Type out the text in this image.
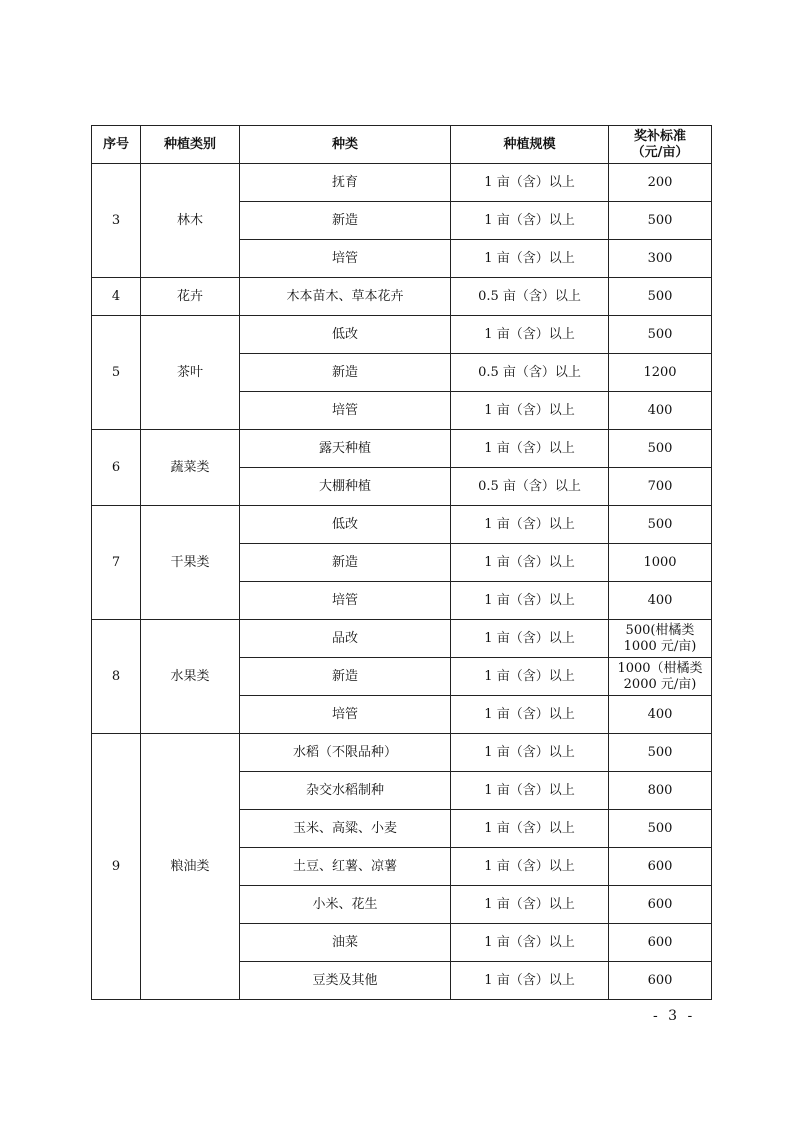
序号	种植类别	种类	种植规模	奖补标准
（元/亩）

3	林木	抚育	1 亩（含）以上	200
		新造	1 亩（含）以上	500
		培管	1 亩（含）以上	300
4	花卉	木本苗木、草本花卉	0.5 亩（含）以上	500
5	茶叶	低改	1 亩（含）以上	500
		新造	0.5 亩（含）以上	1200
		培管	1 亩（含）以上	400
6	蔬菜类	露天种植	1 亩（含）以上	500
		大棚种植	0.5 亩（含）以上	700
7	干果类	低改	1 亩（含）以上	500
		新造	1 亩（含）以上	1000
		培管	1 亩（含）以上	400
8	水果类	品改	1 亩（含）以上	500(柑橘类
1000 元/亩)

		新造	1 亩（含）以上	1000（柑橘类
2000 元/亩)

		培管	1 亩（含）以上	400
9	粮油类	水稻（不限品种）	1 亩（含）以上	500
		杂交水稻制种	1 亩（含）以上	800
		玉米、高粱、小麦	1 亩（含）以上	500
		土豆、红薯、凉薯	1 亩（含）以上	600
		小米、花生	1 亩（含）以上	600
		油菜	1 亩（含）以上	600
		豆类及其他	1 亩（含）以上	600
- 3 -
